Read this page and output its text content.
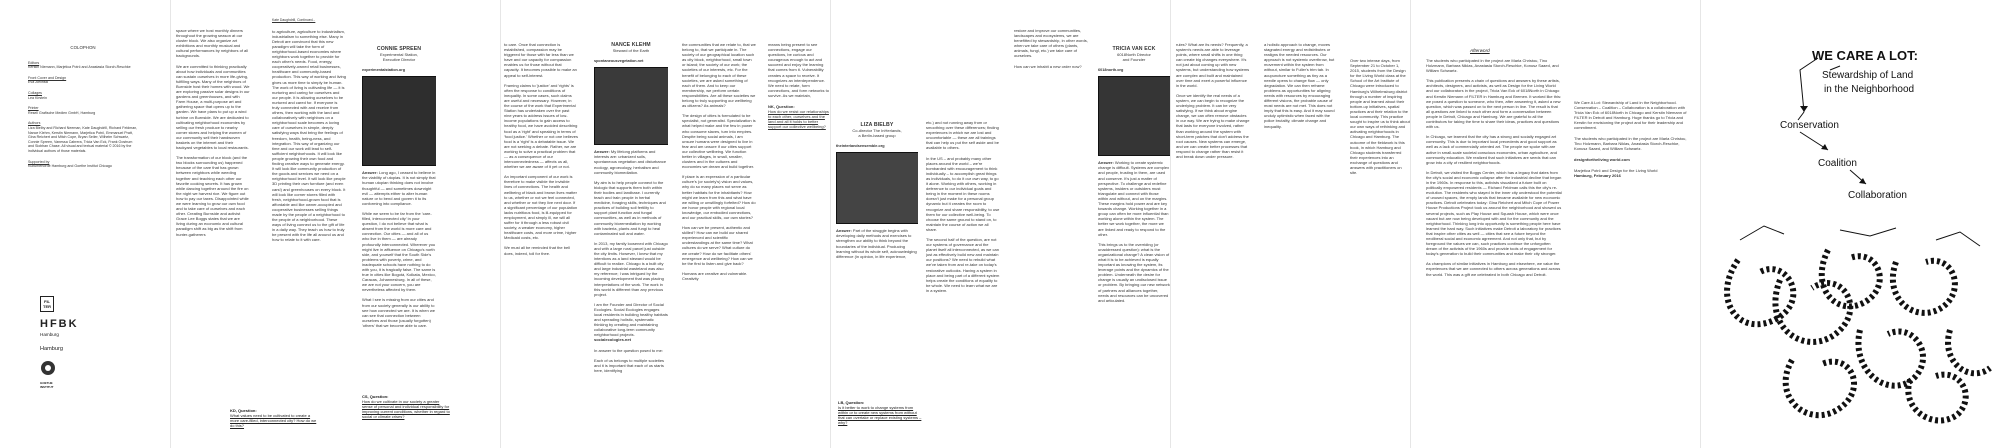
COLOPHON
Editors
Kerstin Niemann, Marjetica Potrč and Anastasia Storch-Reschke
Front Cover and Design
Eva Zielinski
Collages
Lea Kirstein
Printer
Resell Grafische Medien GmbH, Hamburg
Authors
Liza Bielby and Richard Neeman, Kate Daughdrill, Richard Feldman, Nance Klehm, Kerstin Niemann, Marjetica Potrč, Emmanuel Pratt, Gina Reichert and Mitch Cope, Bryan Seiler, Wilhelm Schwartz, Connie Spreen, Vanessa Cabrera, Tricia Van Eck, Frank Oostrum and Siobhan Chase. All visual and textual material © 2016 by the individual authors of those materials.
Supported by
Kulturbehörde Hamburg and Goethe Institut Chicago
FIL TER
HFBK
Hamburg
Hamburg
GOETHE INSTITUT
space where we host monthly dinners throughout the growing season at our cluster block. We also organize art exhibitions and monthly musical and cultural performances by neighbors of all backgrounds.
We are committed to thinking practically about how individuals and communities can sustain ourselves in more life-giving, fulfilling ways. Many of the neighbors of Burnside host their homes with wood. We are exploring passive solar designs in our gardens and greenhouses, and with Farm House, a multi-purpose art and gathering space that opens up to the garden. We have plans to put up a wind turbine on Burnside. We are dedicated to cultivating neighborhood economies by selling our fresh produce to nearby corner stores and helping the women of our community sell their handwoven baskets on the internet and their backyard vegetables to local restaurants.
The transformation of our block (and the two blocks surrounding us) happened because of the care that has grown between neighbors while weeding together and teaching each other our favorite cooking secrets. It has grown while dancing together around the fire on the night we harvest rice. We figure out how to pay our taxes. Disappointed while we were learning to grow our own food and to take care of ourselves and each other. Creating Burnside and activist Grace Lee Boggs states that we are living during an economic and cultural paradigm shift as big as the shift from hunter-gatherers
KD, Question:
What values need to be cultivated to create a more care-filled, interconnected city? How do we do this?
Kate Daughdrill, Continued...
to agriculture, agriculture to industrialism, industrialism to something else. Many in Detroit are convinced that this new paradigm will take the form of neighborhood-based economies where neighbors work together to provide for each other's needs. Food, energy, cooperatively-owned retail businesses, healthcare and community-based production. This way of working and living gives us more time to simply be human. The work of living is cultivating life — it is nurturing and caring for ourselves and our people. It is allowing ourselves to be nurtured and cared for. If everyone is truly connected with and receive from others, then working with the land and collaboratively with neighbors on a neighborhood scale becomes a loving care of ourselves in simple, deeply satisfying ways that bring the feelings of freedom, health, being-ness, and integration. This way of organizing our time and our work will lead to self-sufficient neighborhoods. It will look like people growing their own food and finding creative ways to generate energy. It will look like community production of the goods and services we need on a neighborhood level. It will look like people 3D printing their own furniture (and even cars!) and greenhouses on every block. It will look like corner stores filled with fresh, neighborhood-grown food that is affordable and like owner-occupied and cooperative businesses selling things made by the people of a neighborhood to the people of a neighborhood. These ways of living connect us to the gift of life in a daily way. They teach us how to truly be present with the life all around us and how to relate to it with care.
CONNIE SPREEN
Experimental Station,
Executive Director
experimentalstation.org
Answer: Long ago, I ceased to believe in the viability of utopias. It is not simply that human utopian thinking does not involve thoughtful — and sometimes downright evil — attempts either to alter human nature or to bend and govern it to its conforming into compliance.
While we seem to be far from the 'care-filled, interconnected city' in your question, I do not believe that what is absent from the world is more care and connection. Our cities — and all of us who live in them — are already profoundly interconnected. Wherever you might live in affluence on Chicago's north side, and yourself that the South Side's problems with poverty, crime, and inadequate schools have nothing to do with you, it is tragically false. The same is true in cities like Bogotá, Kolkata, Mexico, Caracas, Johannesburg. In all of these, we are not your concern, you are nevertheless affected by them.
What I see is missing from our cities and from our society generally is our ability to see how connected we are. It is when we can see that connection between ourselves and those (usually forgotten) 'others' that we become able to care.
CS, Question:
How do we cultivate in our society a greater sense of personal and individual responsibility for improving current conditions, whether in regard to social or climate crises?
to care. Once that connection is established, compassion may be triggered for those with far less than we have and our capacity for compassion enables us for those without that capacity. It becomes possible to make an appeal to self-interest.
Framing claims to 'justice' and 'rights' is often the response to conditions of inequality. In some cases, such claims are useful and necessary. However, in the course of the work that Experimental Station has undertaken over the past nine years to address issues of low-income populations to gain access to healthy food, we have avoided describing food as a 'right' and speaking in terms of 'food justice.' Whether or not one believes food is a 'right' is a debatable issue. We are not seeking a debate. Rather, we are working to solve a practical problem that — as a consequence of our interconnectedness — affects us all, whether we are aware of it yet or not.
An important component of our work is therefore to make visible the invisible lines of connections. The health and wellbeing of black and brown lives matter to us, whether or not we feel connected, and whether or not they live next door. If a significant percentage of our population lacks nutritious food, is ill-equipped for employment, and simply ill, we will all suffer for it through a less robust civil society, a weaker economy, higher healthcare costs, and more crime, higher Medicaid costs, etc.
We must all be reminded that the bell does, indeed, toll for thee.
NANCE KLEHM
Steward of the Earth
spontaneousvegetation.net
Answer: My lifelong platforms and interests are: urbanized soils, spontaneous vegetation and disturbance ecology, agroecology, herbalism and community biomediation.
My aim is to help people connect to the biologic that supports them both within their bodies and landbase. I currently teach and train people in herbal medicine, foraging skills, techniques and practices of building soil fertility to support plant function and fungal communities, as well as in methods of community bioremediation by working with bacteria, plants and fungi to heal contaminated soil and water.
In 2013, my family loosened with Chicago and with a large rural parcel just outside the city limits. However, I knew that my intentions as a land steward would be difficult to realize. Chicago is a built city and large industrial wasteland was also my reference; I was intrigued by the incoming development that was placing interpretations of the work. The work in this world is different than any previous project.
I am the Founder and Director of Social Ecologies. Social Ecologies engages local residents in building healthy habitats and spreading holistic, systematic thinking by creating and maintaining collaborative long-term community neighborhood projects.
socialecologies.net
In answer to the question posed to me:
Each of us belongs to multiple societies and it is important that each of us starts here, identifying
the communities that we relate to, that we belong to, that we participate in. The society of our geographical location such as city block, neighborhood, small town or island; the society of our work; the societies of our interests, etc. For the benefit of belonging to each of these societies, we are asked something of each of them. And to keep our membership, we perform certain responsibilities. Are all these societies we belong to truly supporting our wellbeing as citizens? As animals?
The design of cities is formulated to be specialist, not generalist. Specialization is what helped make and the few in power who consume slaves, turn into empires. Despite being social animals, I am unsure humans were designed to live in fear and am unsure if our cities support our collective wellbeing. We function better in villages, in small, smaller, clusters and in the cultures and economies we dream and build together.
If place is an expression of a particular culture's (or society's) vision and values, why do so many places not serve as better habitats for the inhabitants? How might we learn from this and what have we willing or unwillingly forfeited? How do we honor people with regional local knowledge, our embodied connections, and our practical skills, our own stories?
How can we be present, authentic and skilled? How can we build our shared experienced and scientific understandings at the same time? What cultures do we serve? What culture do we create? How do we facilitate others' emergence and wellbeing? How can we be the first to listen and give back?
Humans are creative and vulnerable. Creativity
means being present to see connections, engage our questions, be curious and courageous enough to act and succeed and enjoy the learning that comes from it. Vulnerability creates a space to receive. It recognizes an interdependence. We need to relate, form connections, and form networks to survive. As we maintain,
NK, Question:
How do we resist our relationships to each other, ourselves and the land and all it holds to better support our collective wellbeing?	LIZA BIELBY
Co-director The InHerlands,
a Berlin-based group
theinterlandsensemble.org
Answer: Part of the struggle begins with developing daily methods and exercises to strengthen our ability to think beyond the boundaries of the individual. Producing learning without its whole self, acknowledging difference (in opinion, in life experience,
LB, Question:
Is it better to work to change systems from within or to create new systems from without that can overtake or replace existing systems – why?
etc.) and not running away from or smoothing over these differences; finding experiences in which we are lost and uncomfortable — these are all trainings that can help us put the self aside and be available to others.
In the US – and probably many other places around the world – we're bombarded with encouragement to think individually – to accomplish great things as individuals, to do it our own way, to go it alone. Working with others, working in deference to our individual goals and being in the moment in these rooms doesn't just make for a personal group dynamic but it creates the room to recognize and share responsibility, to use them for our collective well-being. To choose the same ground to stand on, to maintain the course of action we all share.
The second half of the question, are not our systems of governance and the planet itself all interconnected, as we can just as effectively build new and maintain our positions? We need to rebuild what we've taken from and re-take on today's restorative outlooks. Having a system in place and being part of a different system helps create the conditions of equality to be whole. We need to learn what we are in a system.
restore and improve our communities, landscapes and ecosystems, we are benefitted by stewardship, in other words, when we take care of others (plants, animals, fungi, etc.) we take care of ourselves.
How can we inhabit a new order now?
TRICIA VAN ECK
6018North Director
and Founder
6018north.org
Answer: Working to create systemic change is difficult. Systems are complex and people, trusting in them, are used and conserve. It's just a matter of perspective. To challenge and redefine systems, insiders or outsiders must triangulate and connect with those within and without, and on the margins. These margins hold power and are key towards change. Working together in a group can often be more influential than working alone within the system. The better we work together, the more we are linked and ready to respond to the other.
This brings us to the overriding (or unaddressed question): what is the organizational change? A clean vision of what it is to be achieved is equally important as knowing the system, its leverage points and the dynamics of the problem. Underneath the desire for change is usually an undisclosed issue or problem. By bringing our new network of partners and alliances together, needs and resources can be uncovered and articulated.
rules? What are its needs? Frequently, a system's needs are able to leverage points, where small shifts in one thing can create big changes everywhere. It's not just about coming up with new systems, but understanding how systems are complex and built and maintained over time and exert a powerful influence in the world.
Once we identify the real needs of a system, we can begin to recognize the underlying problem. It can be very satisfying. If we think about engine change, we can often remove obstacles in our way. We are trying to make change that lasts for everyone involved, rather than working around the system with short-term patches that don't address the root causes. New systems can emerge, and we can create better processes that respond to change rather than resist it and break down under pressure.
a holistic approach to change, moves stagnated energy and redistributes or realigns the needed resources. Our approach is not systemic overthrow, but movement within the system from without, similar to Fuller's trim tab. In acupuncture something as tiny as a needle opens to change flow — only degradation. We can then reframe problems as opportunities for aligning needs with resources by encouraging different visions, the probable cause of most needs are not met. This does not imply that this is easy. And it may sound unduly optimistic when faced with the police brutality, climate change and inequality.
Over two intense days, from September 21 to October 1, 2015, students from the Design for the Living World class at the School of the Art Institute of Chicago were introduced to Hamburg's Wilhelmsburg district through a number of inspiring people and learned about their bottom-up initiatives, spatial practices and their relation to the local community. This practice sought to inspire us to think about our own ways of rethinking and activating neighborhoods in Chicago and Hamburg. The outcome of the fieldwork is this book, in which Hamburg and Chicago students transferred their experiences into an exchange of questions and answers with practitioners on site.
Afterword
The students who participated in the project are Marla Christou, Tino Holzmann, Barbara Niklas, Anastasia Storch-Reschke, Konusz Saaed, and William Schwartz.
This publication presents a chain of questions and answers by these artists, architects, designers, and activists, as well as Design for the Living World and our collaborators in the project, Tricia Van Eck of 6018North in Chicago and Kerstin Niemann of FILTER in Hamburg and Bremen. It worked like this: we posed a question to someone, who then, after answering it, asked a new question, which was passed on to the next person in line. The result is that all questions are linked to each other and form a conversation between people in Detroit, Chicago and Hamburg. We are grateful to all the contributors for taking the time to share their ideas, practices and questions with us.
In Chicago, we learned that the city has a strong and socially engaged art community. This is due to important local precedents and good support as well as a lack of commercially oriented art. The people we spoke with are active in small-scale societal conscious economies, urban agriculture, and community education. We realized that such initiatives are seeds that can grow into a city of resilient neighborhoods.
In Detroit, we visited the Boggs Center, which has a legacy that dates from the city's social and economic collapse after the industrial decline that began in the 1960s. In response to this, activists visualized a future built on politically empowered residents — Richard Feldman calls this the city's re-evolution. The residents who stayed in the inner city understood the potential of unused spaces, the empty lands that became available for new economic practices. Detroit celebrates today: Gina Reichert and Mitch Cope of Power House Productions Project took us around the neighborhood and showed us several projects, such as Play House and Squash House, which were once vacant but are now being developed with and for the community and the neighborhood. Thinking long into opportunity is something people here have learned the hard way. Such initiatives make Detroit a laboratory for practices that inspire other cities as well — cities that see a future beyond the neoliberal social and economic agreement. And not only that, but by foreground the values we can, such practices continue the unforgotten dream of the activists of the 1960s and provide tools of engagement for today's generation to build their communities and make their city stronger.
As champions of similar initiatives in Hamburg and elsewhere, we value the experiences that we are connected to others across generations and across the world. This was a gift we celebrated in both Chicago and Detroit.
We Care A Lot: Stewardship of Land in the Neighborhood. Conservation – Coalition – Collaboration is a collaboration with Tricia Van Eck of 6018North in Chicago and Kerstin Niemann of FILTER in Detroit and Hamburg. Huge thanks go to Tricia and Kerstin for envisioning the project and for their leadership and commitment.
The students who participated in the project are Marla Christou, Tino Holzmann, Barbara Niklas, Anastasia Storch-Reschke, Konusz Saaed, and William Schwartz.
designfortheliving world.com
Marjetica Potrč and Design for the Living World
Hamburg, February 2016
WE CARE A LOT:
Stewardship of Land
in the Neighborhood
Conservation
Coalition
Collaboration
